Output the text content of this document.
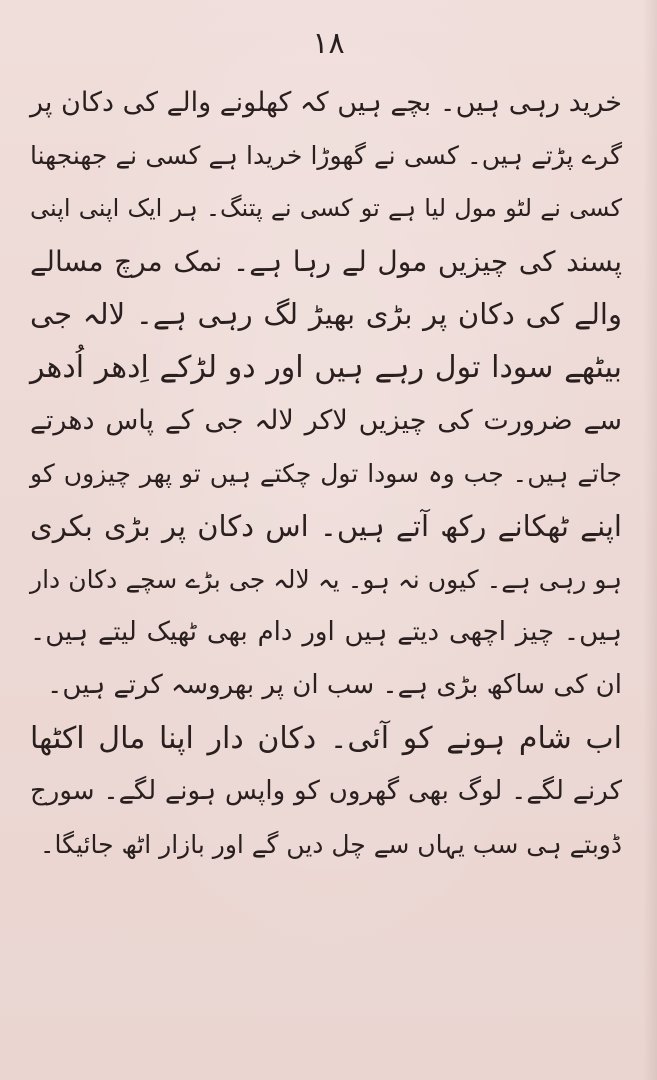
۱۸
خرید رہی ہیں۔ بچے ہیں کہ کھلونے والے کی دکان پر
گرے پڑتے ہیں۔ کسی نے گھوڑا خریدا ہے کسی نے جھنجھنا
کسی نے لٹو مول لیا ہے تو کسی نے پتنگ۔ ہر ایک اپنی اپنی
پسند کی چیزیں مول لے رہا ہے۔ نمک مرچ مسالے
والے کی دکان پر بڑی بھیڑ لگ رہی ہے۔ لالہ جی
بیٹھے سودا تول رہے ہیں اور دو لڑکے اِدھر اُدھر
سے ضرورت کی چیزیں لاکر لالہ جی کے پاس دھرتے
جاتے ہیں۔ جب وہ سودا تول چکتے ہیں تو پھر چیزوں کو
اپنے ٹھکانے رکھ آتے ہیں۔ اس دکان پر بڑی بکری
ہو رہی ہے۔ کیوں نہ ہو۔ یہ لالہ جی بڑے سچے دکان دار
ہیں۔ چیز اچھی دیتے ہیں اور دام بھی ٹھیک لیتے ہیں۔
ان کی ساکھ بڑی ہے۔ سب ان پر بھروسہ کرتے ہیں۔
اب شام ہونے کو آئی۔ دکان دار اپنا مال اکٹھا
کرنے لگے۔ لوگ بھی گھروں کو واپس ہونے لگے۔ سورج
ڈوبتے ہی سب یہاں سے چل دیں گے اور بازار اٹھ جائیگا۔
